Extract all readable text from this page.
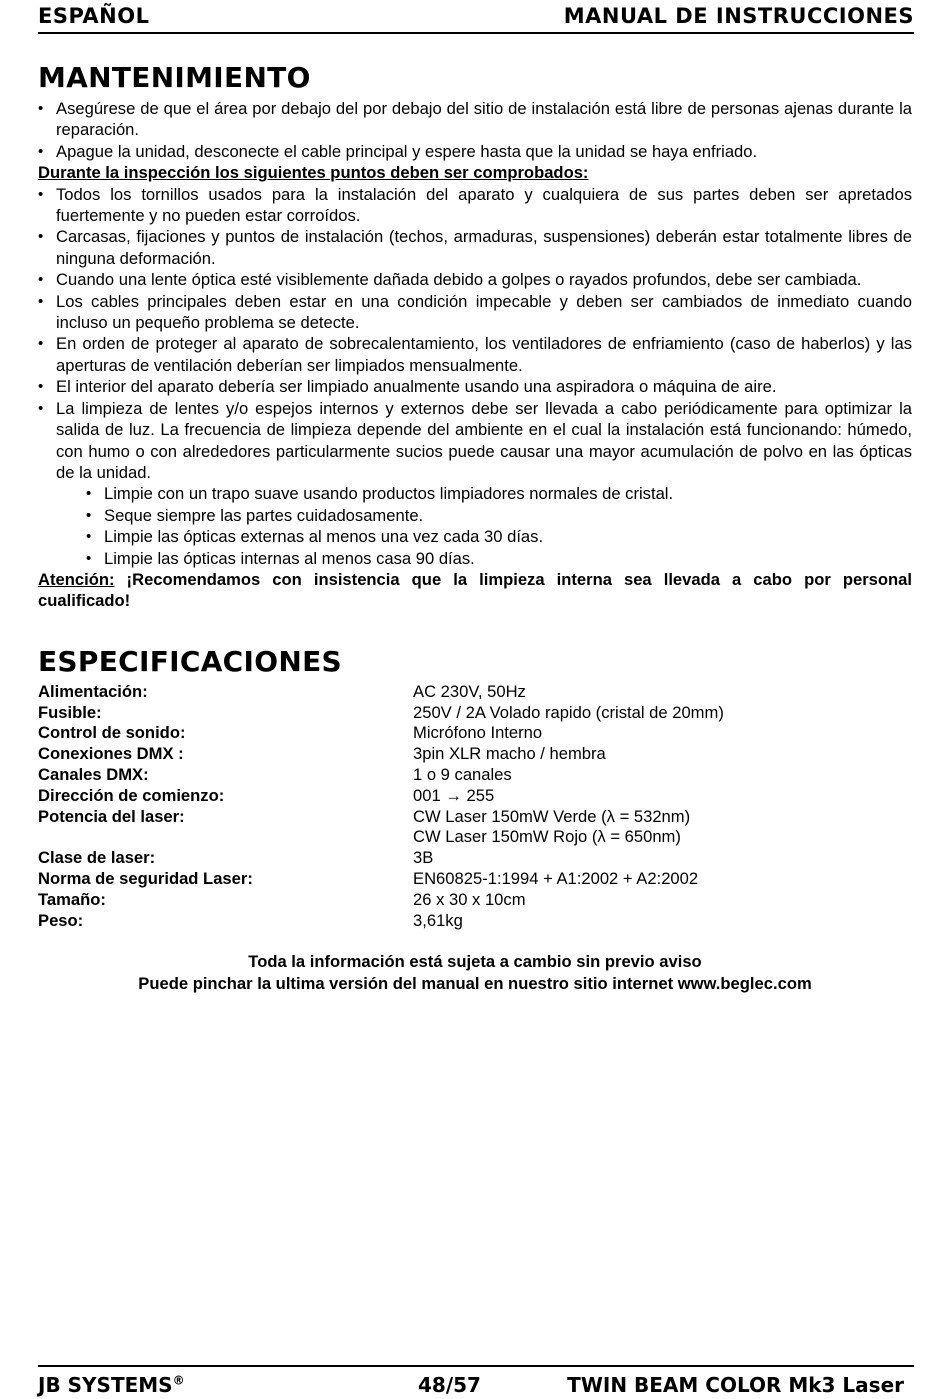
ESPAÑOL	MANUAL DE INSTRUCCIONES
MANTENIMIENTO
• Asegúrese de que el área por debajo del por debajo del sitio de instalación está libre de personas ajenas durante la reparación.
• Apague la unidad, desconecte el cable principal y espere hasta que la unidad se haya enfriado.
Durante la inspección los siguientes puntos deben ser comprobados:
• Todos los tornillos usados para la instalación del aparato y cualquiera de sus partes deben ser apretados fuertemente y no pueden estar corroídos.
• Carcasas, fijaciones y puntos de instalación (techos, armaduras, suspensiones) deberán estar totalmente libres de ninguna deformación.
• Cuando una lente óptica esté visiblemente dañada debido a golpes o rayados profundos, debe ser cambiada.
• Los cables principales deben estar en una condición impecable y deben ser cambiados de inmediato cuando incluso un pequeño problema se detecte.
• En orden de proteger al aparato de sobrecalentamiento, los ventiladores de enfriamiento (caso de haberlos) y las aperturas de ventilación deberían ser limpiados mensualmente.
• El interior del aparato debería ser limpiado anualmente usando una aspiradora o máquina de aire.
• La limpieza de lentes y/o espejos internos y externos debe ser llevada a cabo periódicamente para optimizar la salida de luz. La frecuencia de limpieza depende del ambiente en el cual la instalación está funcionando: húmedo, con humo o con alrededores particularmente sucios puede causar una mayor acumulación de polvo en las ópticas de la unidad.
• Limpie con un trapo suave usando productos limpiadores normales de cristal.
• Seque siempre las partes cuidadosamente.
• Limpie las ópticas externas al menos una vez cada 30 días.
• Limpie las ópticas internas al menos casa 90 días.
Atención: ¡Recomendamos con insistencia que la limpieza interna sea llevada a cabo por personal cualificado!
ESPECIFICACIONES
Alimentación:	AC 230V, 50Hz
Fusible:	250V / 2A Volado rapido (cristal de 20mm)
Control de sonido:	Micrófono Interno
Conexiones DMX :	3pin XLR macho / hembra
Canales DMX:	1 o 9 canales
Dirección de comienzo:	001 → 255
Potencia del laser:	CW Laser 150mW Verde (λ = 532nm)
	CW Laser 150mW Rojo (λ = 650nm)
Clase de laser:	3B
Norma de seguridad Laser:	EN60825-1:1994 + A1:2002 + A2:2002
Tamaño:	26 x 30 x 10cm
Peso:	3,61kg
Toda la información está sujeta a cambio sin previo aviso
Puede pinchar la ultima versión del manual en nuestro sitio internet www.beglec.com
JB SYSTEMS®	48/57	TWIN BEAM COLOR Mk3 Laser
